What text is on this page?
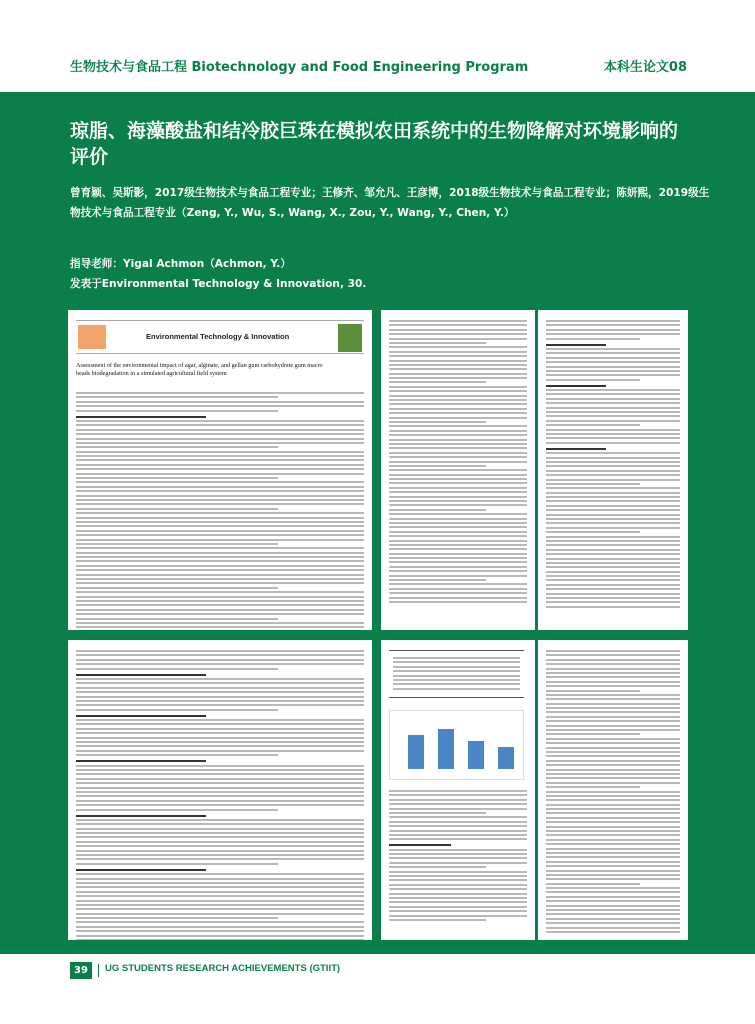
生物技术与食品工程 Biotechnology and Food Engineering Program	本科生论文08
琼脂、海藻酸盐和结冷胶巨珠在模拟农田系统中的生物降解对环境影响的评价
曾育颖、吴斯影，2017级生物技术与食品工程专业；王修齐、邹允凡、王彦博，2018级生物技术与食品工程专业；陈妍熙，2019级生物技术与食品工程专业（Zeng, Y., Wu, S., Wang, X., Zou, Y., Wang, Y., Chen, Y.）
指导老师：Yigal Achmon（Achmon, Y.）
发表于Environmental Technology & Innovation, 30.
Environmental Technology & Innovation
Assessment of the environmental impact of agar, alginate, and gellan gum carbohydrate gum macro beads biodegradation in a simulated agricultural field system
39	UG STUDENTS RESEARCH ACHIEVEMENTS (GTIIT)
